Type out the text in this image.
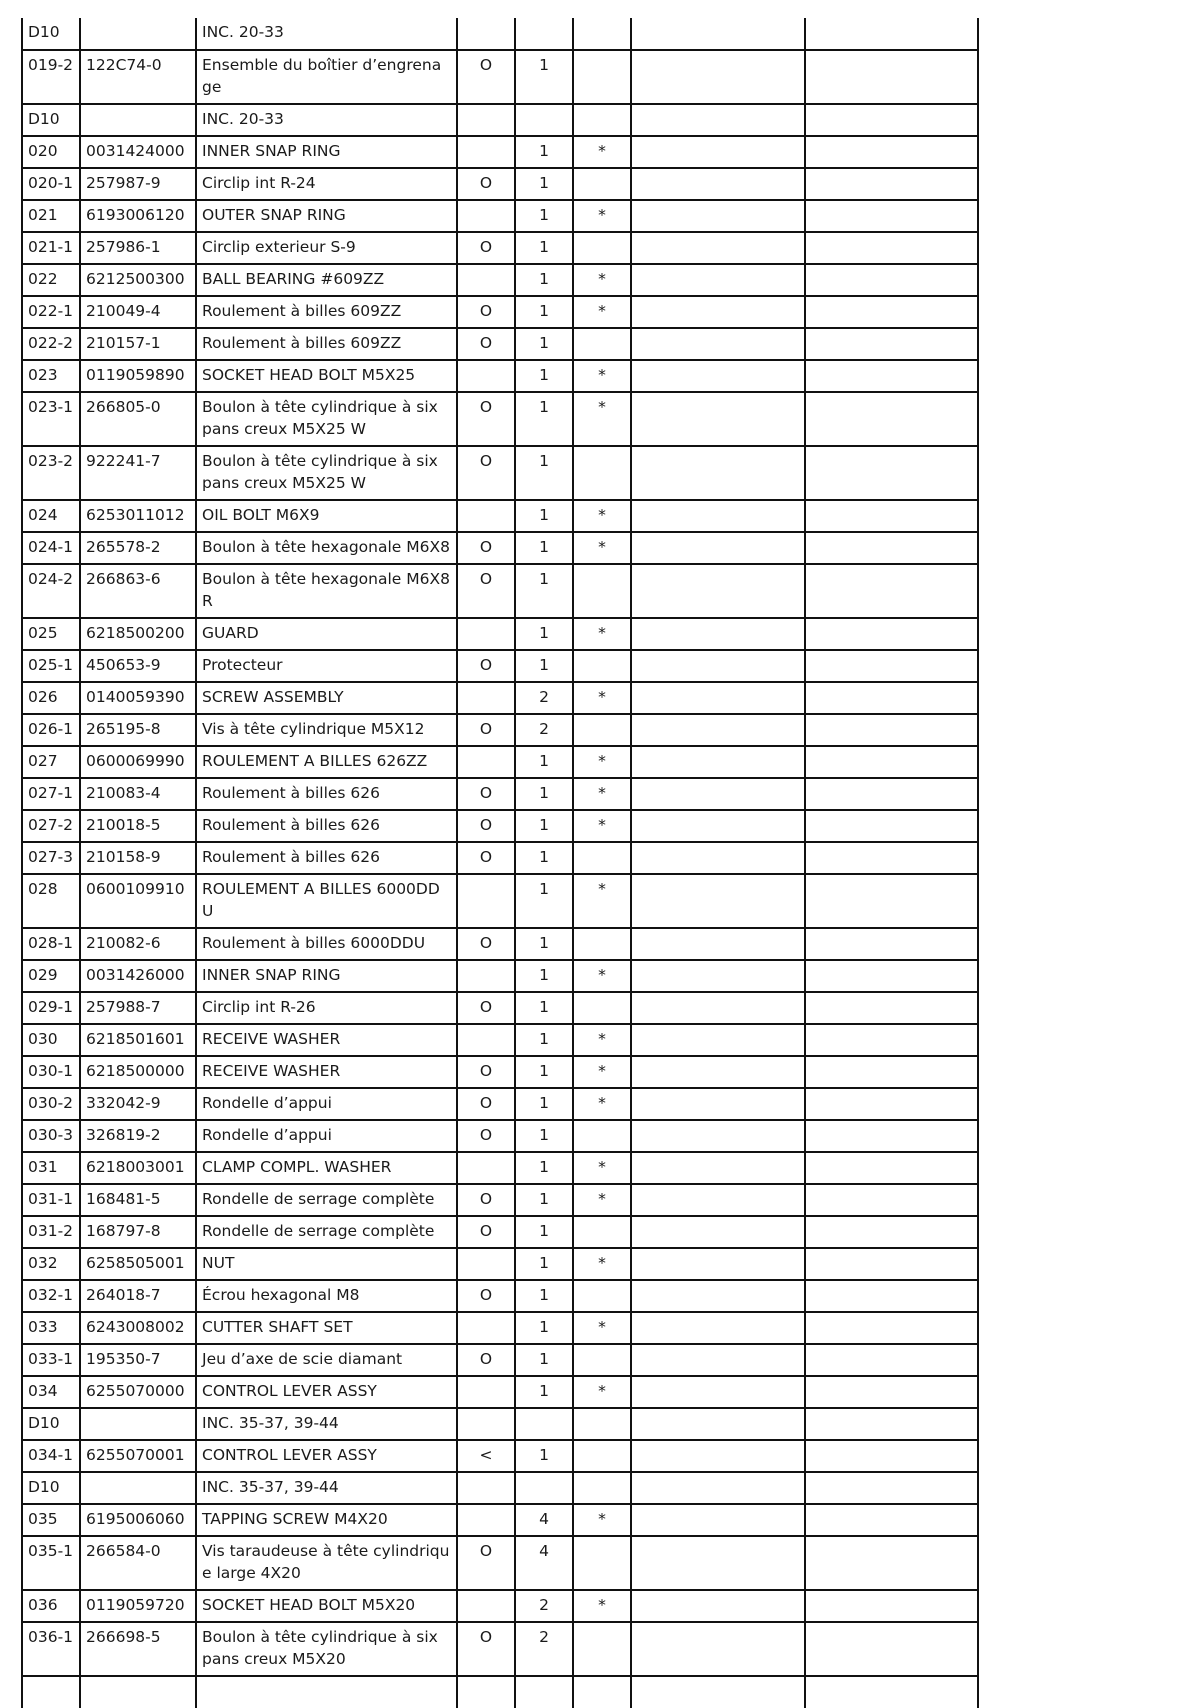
D10		INC. 20-33					
019-2	122C74-0	Ensemble du boîtier d’engrenage	O	1			
D10		INC. 20-33					
020	0031424000	INNER SNAP RING		1	*		
020-1	257987-9	Circlip int R-24	O	1			
021	6193006120	OUTER SNAP RING		1	*		
021-1	257986-1	Circlip exterieur S-9	O	1			
022	6212500300	BALL BEARING #609ZZ		1	*		
022-1	210049-4	Roulement à billes 609ZZ	O	1	*		
022-2	210157-1	Roulement à billes 609ZZ	O	1			
023	0119059890	SOCKET HEAD BOLT M5X25		1	*		
023-1	266805-0	Boulon à tête cylindrique à six pans creux M5X25 W	O	1	*		
023-2	922241-7	Boulon à tête cylindrique à six pans creux M5X25 W	O	1			
024	6253011012	OIL BOLT M6X9		1	*		
024-1	265578-2	Boulon à tête hexagonale M6X8	O	1	*		
024-2	266863-6	Boulon à tête hexagonale M6X8 R	O	1			
025	6218500200	GUARD		1	*		
025-1	450653-9	Protecteur	O	1			
026	0140059390	SCREW ASSEMBLY		2	*		
026-1	265195-8	Vis à tête cylindrique M5X12	O	2			
027	0600069990	ROULEMENT A BILLES 626ZZ		1	*		
027-1	210083-4	Roulement à billes 626	O	1	*		
027-2	210018-5	Roulement à billes 626	O	1	*		
027-3	210158-9	Roulement à billes 626	O	1			
028	0600109910	ROULEMENT A BILLES 6000DDU		1	*		
028-1	210082-6	Roulement à billes 6000DDU	O	1			
029	0031426000	INNER SNAP RING		1	*		
029-1	257988-7	Circlip int R-26	O	1			
030	6218501601	RECEIVE WASHER		1	*		
030-1	6218500000	RECEIVE WASHER	O	1	*		
030-2	332042-9	Rondelle d’appui	O	1	*		
030-3	326819-2	Rondelle d’appui	O	1			
031	6218003001	CLAMP COMPL. WASHER		1	*		
031-1	168481-5	Rondelle de serrage complète	O	1	*		
031-2	168797-8	Rondelle de serrage complète	O	1			
032	6258505001	NUT		1	*		
032-1	264018-7	Écrou hexagonal M8	O	1			
033	6243008002	CUTTER SHAFT SET		1	*		
033-1	195350-7	Jeu d’axe de scie diamant	O	1			
034	6255070000	CONTROL LEVER ASSY		1	*		
D10		INC. 35-37, 39-44					
034-1	6255070001	CONTROL LEVER ASSY	<	1			
D10		INC. 35-37, 39-44					
035	6195006060	TAPPING SCREW M4X20		4	*		
035-1	266584-0	Vis taraudeuse à tête cylindrique large 4X20	O	4			
036	0119059720	SOCKET HEAD BOLT M5X20		2	*		
036-1	266698-5	Boulon à tête cylindrique à six pans creux M5X20	O	2			
